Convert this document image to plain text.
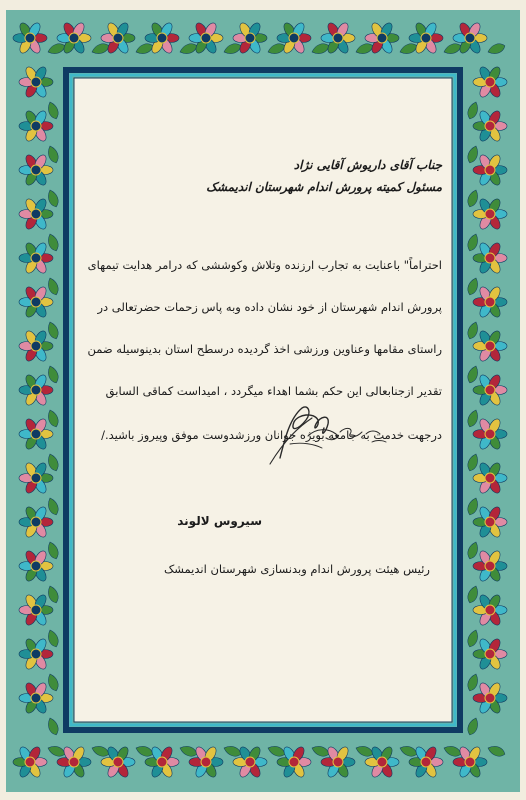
جناب آقای داریوش آقایی نژاد
مسئول کمیته پرورش اندام شهرستان اندیمشک
احتراماً" باعنایت به تجارب ارزنده وتلاش وکوششی که درامر هدایت تیمهای
پرورش اندام شهرستان از خود نشان داده وبه پاس زحمات حضرتعالی در
راستای مقامها وعناوین ورزشی اخذ گردیده درسطح استان بدینوسیله ضمن
تقدیر ازجنابعالی این حکم بشما اهداء میگردد ، امیداست کماقی السابق
درجهت خدمت به جامعه بویژه جوانان ورزشدوست موفق وپیروز باشید./
سیروس لالوند
رئیس هیئت پرورش اندام وبدنسازی شهرستان اندیمشک
